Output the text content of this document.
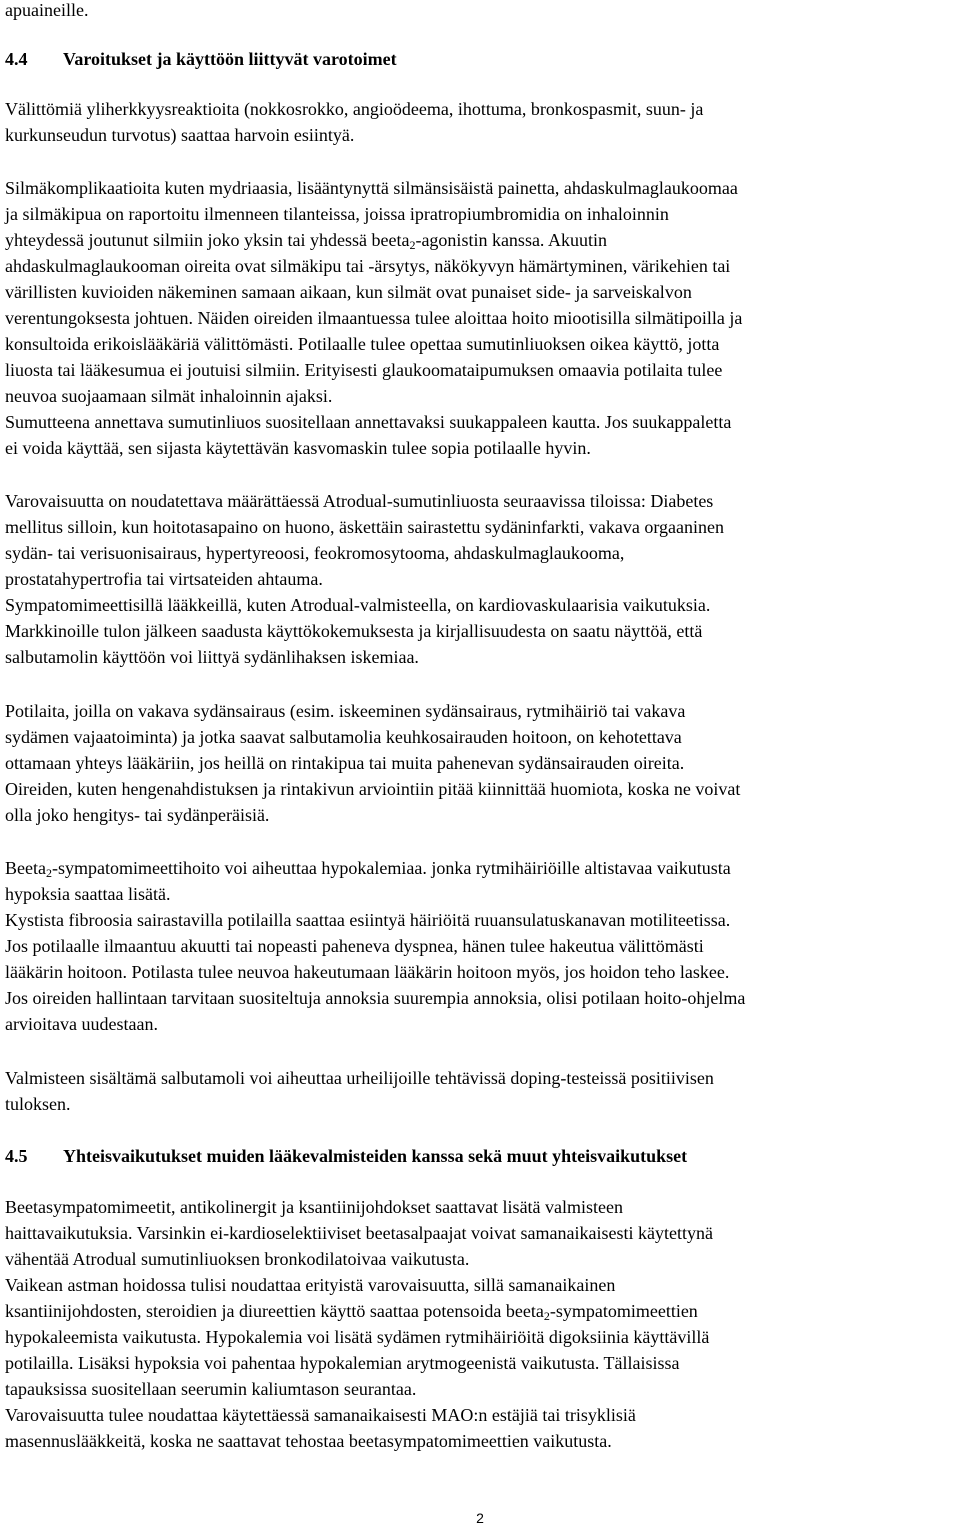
apuaineille.
4.4 Varoitukset ja käyttöön liittyvät varotoimet
Välittömiä yliherkkyysreaktioita (nokkosrokko, angioödeema, ihottuma, bronkospasmit, suun- ja
kurkunseudun turvotus) saattaa harvoin esiintyä.
Silmäkomplikaatioita kuten mydriaasia, lisääntynyttä silmänsisäistä painetta, ahdaskulmaglaukoomaa
ja silmäkipua on raportoitu ilmenneen tilanteissa, joissa ipratropiumbromidia on inhaloinnin
yhteydessä joutunut silmiin joko yksin tai yhdessä beeta$_2$-agonistin kanssa. Akuutin
ahdaskulmaglaukooman oireita ovat silmäkipu tai -ärsytys, näkökyvyn hämärtyminen, värikehien tai
värillisten kuvioiden näkeminen samaan aikaan, kun silmät ovat punaiset side- ja sarveiskalvon
verentungoksesta johtuen. Näiden oireiden ilmaantuessa tulee aloittaa hoito miootisilla silmätipoilla ja
konsultoida erikoislääkäriä välittömästi. Potilaalle tulee opettaa sumutinliuoksen oikea käyttö, jotta
liuosta tai lääkesumua ei joutuisi silmiin. Erityisesti glaukoomataipumuksen omaavia potilaita tulee
neuvoa suojaamaan silmät inhaloinnin ajaksi.
Sumutteena annettava sumutinliuos suositellaan annettavaksi suukappaleen kautta. Jos suukappaletta
ei voida käyttää, sen sijasta käytettävän kasvomaskin tulee sopia potilaalle hyvin.
Varovaisuutta on noudatettava määrättäessä Atrodual-sumutinliuosta seuraavissa tiloissa: Diabetes
mellitus silloin, kun hoitotasapaino on huono, äskettäin sairastettu sydäninfarkti, vakava orgaaninen
sydän- tai verisuonisairaus, hypertyreoosi, feokromosytooma, ahdaskulmaglaukooma,
prostatahypertrofia tai virtsateiden ahtauma.
Sympatomimeettisillä lääkkeillä, kuten Atrodual-valmisteella, on kardiovaskulaarisia vaikutuksia.
Markkinoille tulon jälkeen saadusta käyttökokemuksesta ja kirjallisuudesta on saatu näyttöä, että
salbutamolin käyttöön voi liittyä sydänlihaksen iskemiaa.
Potilaita, joilla on vakava sydänsairaus (esim. iskeeminen sydänsairaus, rytmihäiriö tai vakava
sydämen vajaatoiminta) ja jotka saavat salbutamolia keuhkosairauden hoitoon, on kehotettava
ottamaan yhteys lääkäriin, jos heillä on rintakipua tai muita pahenevan sydänsairauden oireita.
Oireiden, kuten hengenahdistuksen ja rintakivun arviointiin pitää kiinnittää huomiota, koska ne voivat
olla joko hengitys- tai sydänperäisiä.
Beeta$_2$-sympatomimeettihoito voi aiheuttaa hypokalemiaa. jonka rytmihäiriöille altistavaa vaikutusta
hypoksia saattaa lisätä.
Kystista fibroosia sairastavilla potilailla saattaa esiintyä häiriöitä ruuansulatuskanavan motiliteetissa.
Jos potilaalle ilmaantuu akuutti tai nopeasti paheneva dyspnea, hänen tulee hakeutua välittömästi
lääkärin hoitoon. Potilasta tulee neuvoa hakeutumaan lääkärin hoitoon myös, jos hoidon teho laskee.
Jos oireiden hallintaan tarvitaan suositeltuja annoksia suurempia annoksia, olisi potilaan hoito-ohjelma
arvioitava uudestaan.
Valmisteen sisältämä salbutamoli voi aiheuttaa urheilijoille tehtävissä doping-testeissä positiivisen
tuloksen.
4.5 Yhteisvaikutukset muiden lääkevalmisteiden kanssa sekä muut yhteisvaikutukset
Beetasympatomimeetit, antikolinergit ja ksantiinijohdokset saattavat lisätä valmisteen
haittavaikutuksia. Varsinkin ei-kardioselektiiviset beetasalpaajat voivat samanaikaisesti käytettynä
vähentää Atrodual sumutinliuoksen bronkodilatoivaa vaikutusta.
Vaikean astman hoidossa tulisi noudattaa erityistä varovaisuutta, sillä samanaikainen
ksantiinijohdosten, steroidien ja diureettien käyttö saattaa potensoida beeta$_2$-sympatomimeettien
hypokaleemista vaikutusta. Hypokalemia voi lisätä sydämen rytmihäiriöitä digoksiinia käyttävillä
potilailla. Lisäksi hypoksia voi pahentaa hypokalemian arytmogeenistä vaikutusta. Tällaisissa
tapauksissa suositellaan seerumin kaliumtason seurantaa.
Varovaisuutta tulee noudattaa käytettäessä samanaikaisesti MAO:n estäjiä tai trisyklisiä
masennuslääkkeitä, koska ne saattavat tehostaa beetasympatomimeettien vaikutusta.
2
